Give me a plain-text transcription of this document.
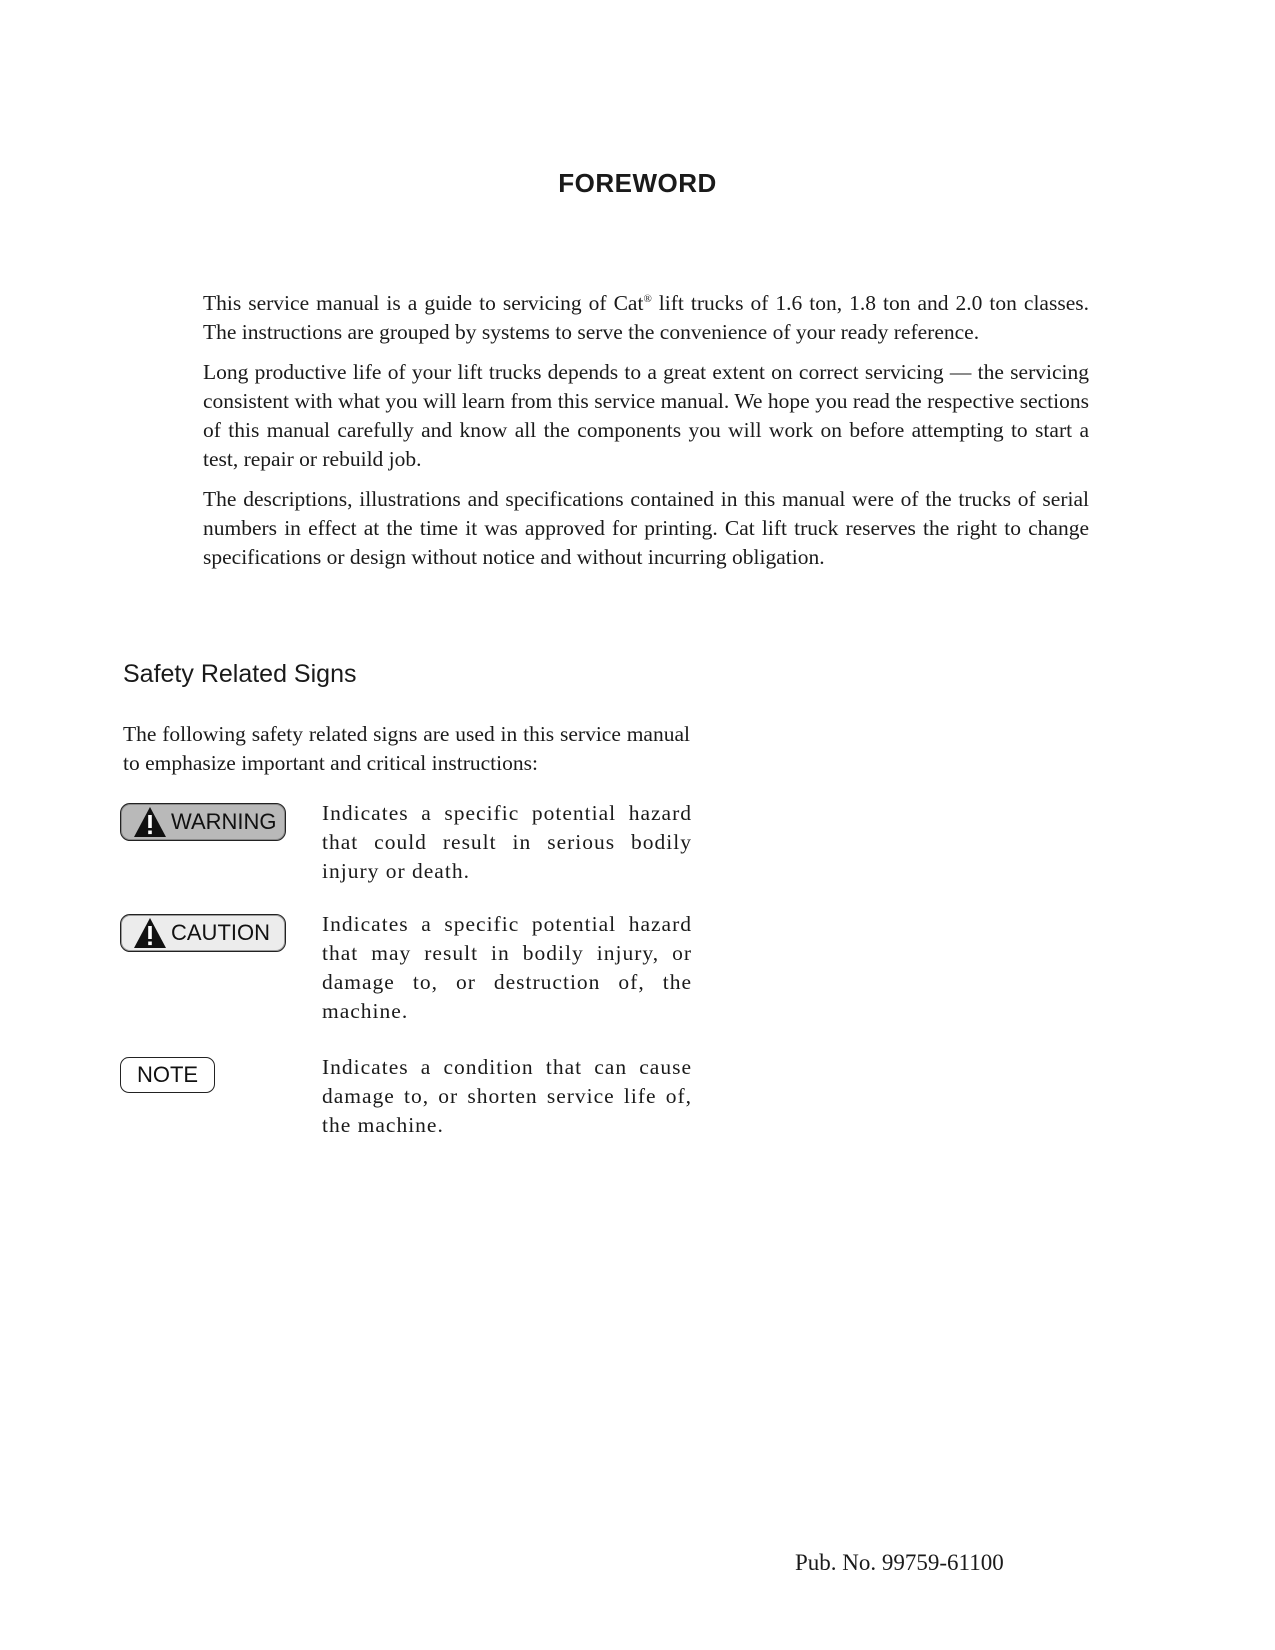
FOREWORD

This service manual is a guide to servicing of Cat® lift trucks of 1.6 ton, 1.8 ton and 2.0 ton classes. The instructions are grouped by systems to serve the convenience of your ready reference.

Long productive life of your lift trucks depends to a great extent on correct servicing — the servicing consistent with what you will learn from this service manual. We hope you read the respective sections of this manual carefully and know all the components you will work on before attempting to start a test, repair or rebuild job.

The descriptions, illustrations and specifications contained in this manual were of the trucks of serial numbers in effect at the time it was approved for printing. Cat lift truck reserves the right to change specifications or design without notice and without incurring obligation.

Safety Related Signs

The following safety related signs are used in this service manual to emphasize important and critical instructions:

WARNING Indicates a specific potential hazard that could result in serious bodily injury or death.

CAUTION Indicates a specific potential hazard that may result in bodily injury, or damage to, or destruction of, the machine.

NOTE	Indicates a condition that can cause damage to, or shorten service life of, the machine.

Pub. No. 99759-61100
